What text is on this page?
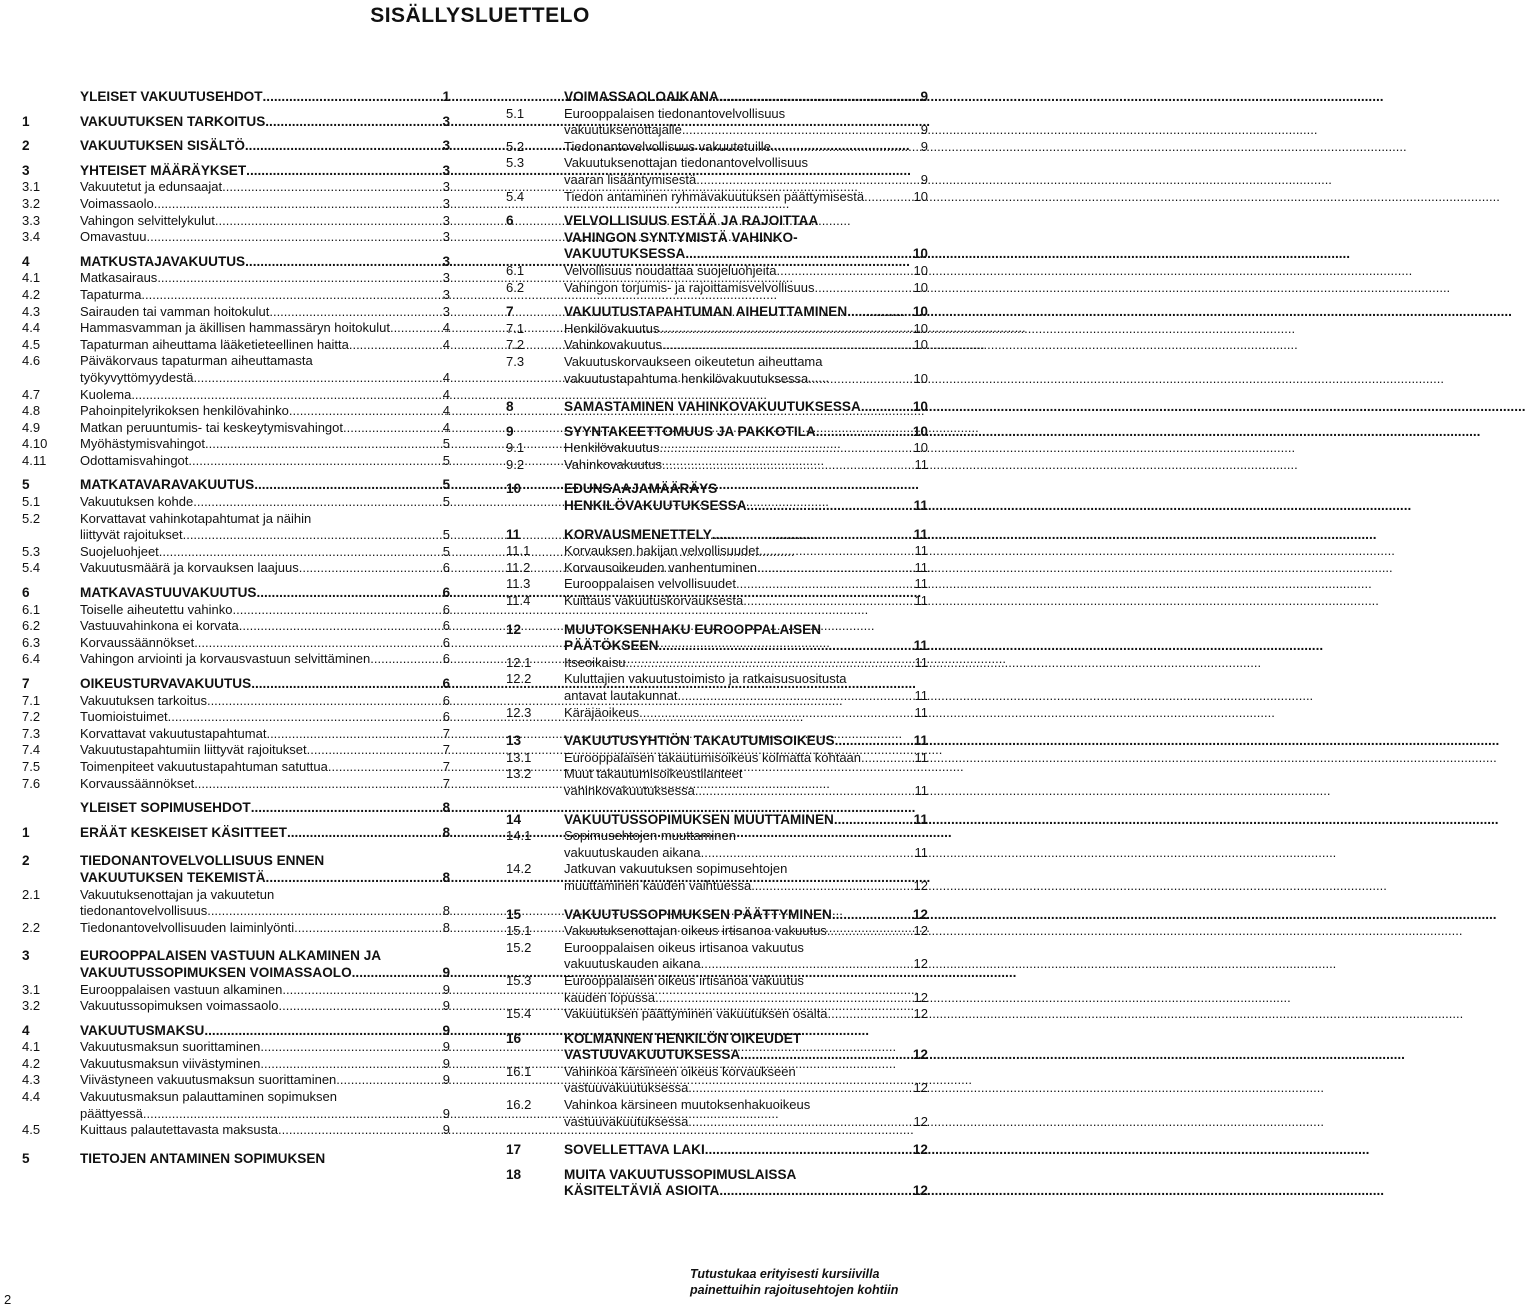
SISÄLLYSLUETTELO
YLEISET VAKUUTUSEHDOT .....	1
1	VAKUUTUKSEN TARKOITUS .....	3
2	VAKUUTUKSEN SISÄLTÖ .....	3
3	YHTEISET MÄÄRÄYKSET .....	3
3.1	Vakuutetut ja edunsaajat .....	3
3.2	Voimassaolo .....	3
3.3	Vahingon selvittelykulut .....	3
3.4	Omavastuu .....	3
4	MATKUSTAJAVAKUUTUS .....	3
4.1	Matkasairaus .....	3
4.2	Tapaturma .....	3
4.3	Sairauden tai vamman hoitokulut .....	3
4.4	Hammasvamman ja äkillisen hammassäryn hoitokulut .....	4
4.5	Tapaturman aiheuttama lääketieteellinen haitta .....	4
4.6	Päiväkorvaus tapaturman aiheuttamasta
työkyvyttömyydestä .....	4
4.7	Kuolema .....	4
4.8	Pahoinpitelyrikoksen henkilövahinko .....	4
4.9	Matkan peruuntumis- tai keskeytymisvahingot .....	4
4.10	Myöhästymisvahingot .....	5
4.11	Odottamisvahingot .....	5
5	MATKATAVARAVAKUUTUS .....	5
5.1	Vakuutuksen kohde .....	5
5.2	Korvattavat vahinkotapahtumat ja näihin
liittyvät rajoitukset .....	5
5.3	Suojeluohjeet .....	5
5.4	Vakuutusmäärä ja korvauksen laajuus .....	6
6	MATKAVASTUUVAKUUTUS .....	6
6.1	Toiselle aiheutettu vahinko .....	6
6.2	Vastuuvahinkona ei korvata .....	6
6.3	Korvaussäännökset .....	6
6.4	Vahingon arviointi ja korvausvastuun selvittäminen .....	6
7	OIKEUSTURVAVAKUUTUS .....	6
7.1	Vakuutuksen tarkoitus .....	6
7.2	Tuomioistuimet .....	6
7.3	Korvattavat vakuutustapahtumat .....	7
7.4	Vakuutustapahtumiin liittyvät rajoitukset .....	7
7.5	Toimenpiteet vakuutustapahtuman satuttua .....	7
7.6	Korvaussäännökset .....	7
YLEISET SOPIMUSEHDOT .....	8
1	ERÄÄT KESKEISET KÄSITTEET .....	8
2	TIEDONANTOVELVOLLISUUS ENNEN
VAKUUTUKSEN TEKEMISTÄ .....	8
2.1	Vakuutuksenottajan ja vakuutetun
tiedonantovelvollisuus .....	8
2.2	Tiedonantovelvollisuuden laiminlyönti .....	8
3	EUROOPPALAISEN VASTUUN ALKAMINEN JA
VAKUUTUSSOPIMUKSEN VOIMASSAOLO .....	9
3.1	Eurooppalaisen vastuun alkaminen .....	9
3.2	Vakuutussopimuksen voimassaolo .....	9
4	VAKUUTUSMAKSU .....	9
4.1	Vakuutusmaksun suorittaminen .....	9
4.2	Vakuutusmaksun viivästyminen .....	9
4.3	Viivästyneen vakuutusmaksun suorittaminen .....	9
4.4	Vakuutusmaksun palauttaminen sopimuksen
päättyessä .....	9
4.5	Kuittaus palautettavasta maksusta .....	9
5	TIETOJEN ANTAMINEN SOPIMUKSEN
VOIMASSAOLOAIKANA .....	9
5.1	Eurooppalaisen tiedonantovelvollisuus
vakuutuksenottajalle .....	9
5.2	Tiedonantovelvollisuus vakuutetuille .....	9
5.3	Vakuutuksenottajan tiedonantovelvollisuus
vaaran lisääntymisestä .....	9
5.4	Tiedon antaminen ryhmävakuutuksen päättymisestä .....	10
6	VELVOLLISUUS ESTÄÄ JA RAJOITTAA
VAHINGON SYNTYMISTÄ VAHINKO-
VAKUUTUKSESSA .....	10
6.1	Velvollisuus noudattaa suojeluohjeita .....	10
6.2	Vahingon torjumis- ja rajoittamisvelvollisuus .....	10
7	VAKUUTUSTAPAHTUMAN AIHEUTTAMINEN .....	10
7.1	Henkilövakuutus .....	10
7.2	Vahinkovakuutus .....	10
7.3	Vakuutuskorvaukseen oikeutetun aiheuttama
vakuutustapahtuma henkilövakuutuksessa .....	10
8	SAMASTAMINEN VAHINKOVAKUUTUKSESSA .....	10
9	SYYNTAKEETTOMUUS JA PAKKOTILA .....	10
9.1	Henkilövakuutus .....	10
9.2	Vahinkovakuutus .....	11
10	EDUNSAAJAMÄÄRÄYS
HENKILÖVAKUUTUKSESSA .....	11
11	KORVAUSMENETTELY .....	11
11.1	Korvauksen hakijan velvollisuudet .....	11
11.2	Korvausoikeuden vanhentuminen .....	11
11.3	Eurooppalaisen velvollisuudet .....	11
11.4	Kuittaus vakuutuskorvauksesta .....	11
12	MUUTOKSENHAKU EUROOPPALAISEN
PÄÄTÖKSEEN .....	11
12.1	Itseoikaisu .....	11
12.2	Kuluttajien vakuutustoimisto ja ratkaisusuositusta
antavat lautakunnat .....	11
12.3	Käräjäoikeus .....	11
13	VAKUUTUSYHTIÖN TAKAUTUMISOIKEUS .....	11
13.1	Eurooppalaisen takautumisoikeus kolmatta kohtaan .....	11
13.2	Muut takautumisoikeustilanteet
vahinkovakuutuksessa .....	11
14	VAKUUTUSSOPIMUKSEN MUUTTAMINEN .....	11
14.1	Sopimusehtojen muuttaminen
vakuutuskauden aikana .....	11
14.2	Jatkuvan vakuutuksen sopimusehtojen
muuttaminen kauden vaihtuessa .....	12
15	VAKUUTUSSOPIMUKSEN PÄÄTTYMINEN .....	12
15.1	Vakuutuksenottajan oikeus irtisanoa vakuutus .....	12
15.2	Eurooppalaisen oikeus irtisanoa vakuutus
vakuutuskauden aikana .....	12
15.3	Eurooppalaisen oikeus irtisanoa vakuutus
kauden lopussa .....	12
15.4	Vakuutuksen päättyminen vakuutuksen osalta .....	12
16	KOLMANNEN HENKILÖN OIKEUDET
VASTUUVAKUUTUKSESSA .....	12
16.1	Vahinkoa kärsineen oikeus korvaukseen
vastuuvakuutuksessa .....	12
16.2	Vahinkoa kärsineen muutoksenhakuoikeus
vastuuvakuutuksessa .....	12
17	SOVELLETTAVA LAKI .....	12
18	MUITA VAKUUTUSSOPIMUSLAISSA
KÄSITELTÄVIÄ ASIOITA .....	12
Tutustukaa erityisesti kursiivilla
painettuihin rajoitusehtojen kohtiin
2
